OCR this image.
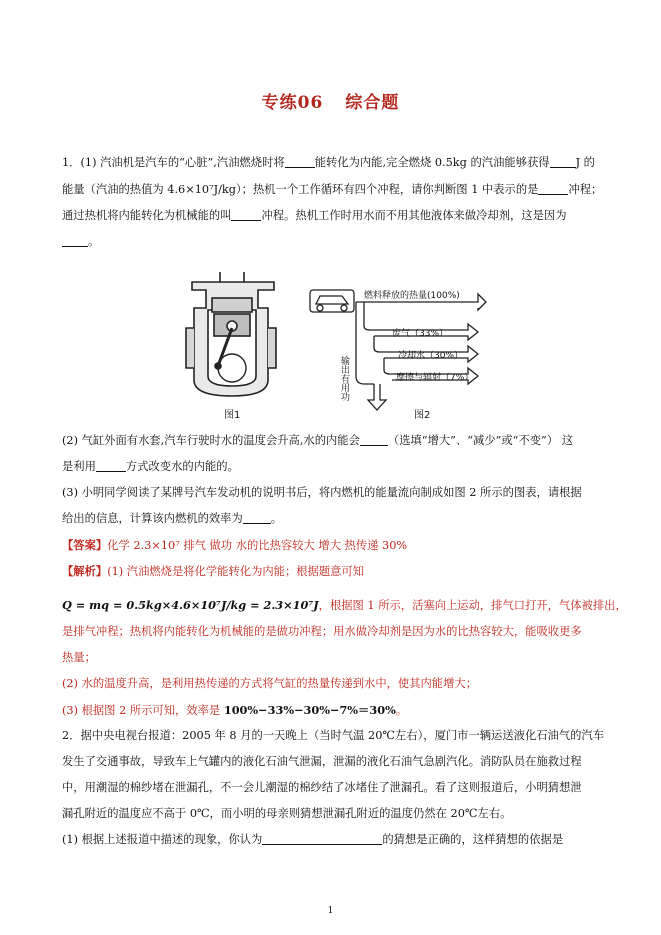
专练06 综合题
1．(1) 汽油机是汽车的“心脏”,汽油燃烧时将	能转化为内能,完全燃烧 0.5kg 的汽油能够获得 J 的
能量（汽油的热值为 4.6×10⁷J/kg）；热机一个工作循环有四个冲程，请你判断图 1 中表示的是	冲程；
通过热机将内能转化为机械能的叫	冲程。热机工作时用水而不用其他液体来做冷却剂，这是因为
。
图1
燃料释放的热量(100%)
废气（33%）
冷却水（30%）
摩擦与辐射（7%）
输出有用功
图2
(2) 气缸外面有水套,汽车行驶时水的温度会升高,水的内能会 （选填“增大”、“减少”或“不变”） 这
是利用	方式改变水的内能的。
(3) 小明同学阅读了某牌号汽车发动机的说明书后，将内燃机的能量流向制成如图 2 所示的图表，请根据
给出的信息，计算该内燃机的效率为 。
【答案】化学 2.3×10⁷ 排气 做功 水的比热容较大 增大 热传递 30%
【解析】(1) 汽油燃烧是将化学能转化为内能；根据题意可知
Q = mq = 0.5kg×4.6×10⁷J/kg = 2.3×10⁷J，根据图 1 所示，活塞向上运动，排气口打开，气体被排出，
是排气冲程；热机将内能转化为机械能的是做功冲程；用水做冷却剂是因为水的比热容较大，能吸收更多
热量；
(2) 水的温度升高，是利用热传递的方式将气缸的热量传递到水中，使其内能增大；
(3) 根据图 2 所示可知，效率是 100%−33%−30%−7%＝30%。
2．据中央电视台报道：2005 年 8 月的一天晚上（当时气温 20℃左右），厦门市一辆运送液化石油气的汽车
发生了交通事故，导致车上气罐内的液化石油气泄漏，泄漏的液化石油气急剧汽化。消防队员在施救过程
中，用潮湿的棉纱堵在泄漏孔，不一会儿潮湿的棉纱结了冰堵住了泄漏孔。看了这则报道后，小明猜想泄
漏孔附近的温度应不高于 0℃，而小明的母亲则猜想泄漏孔附近的温度仍然在 20℃左右。
(1) 根据上述报道中描述的现象，你认为	的猜想是正确的，这样猜想的依据是
1
